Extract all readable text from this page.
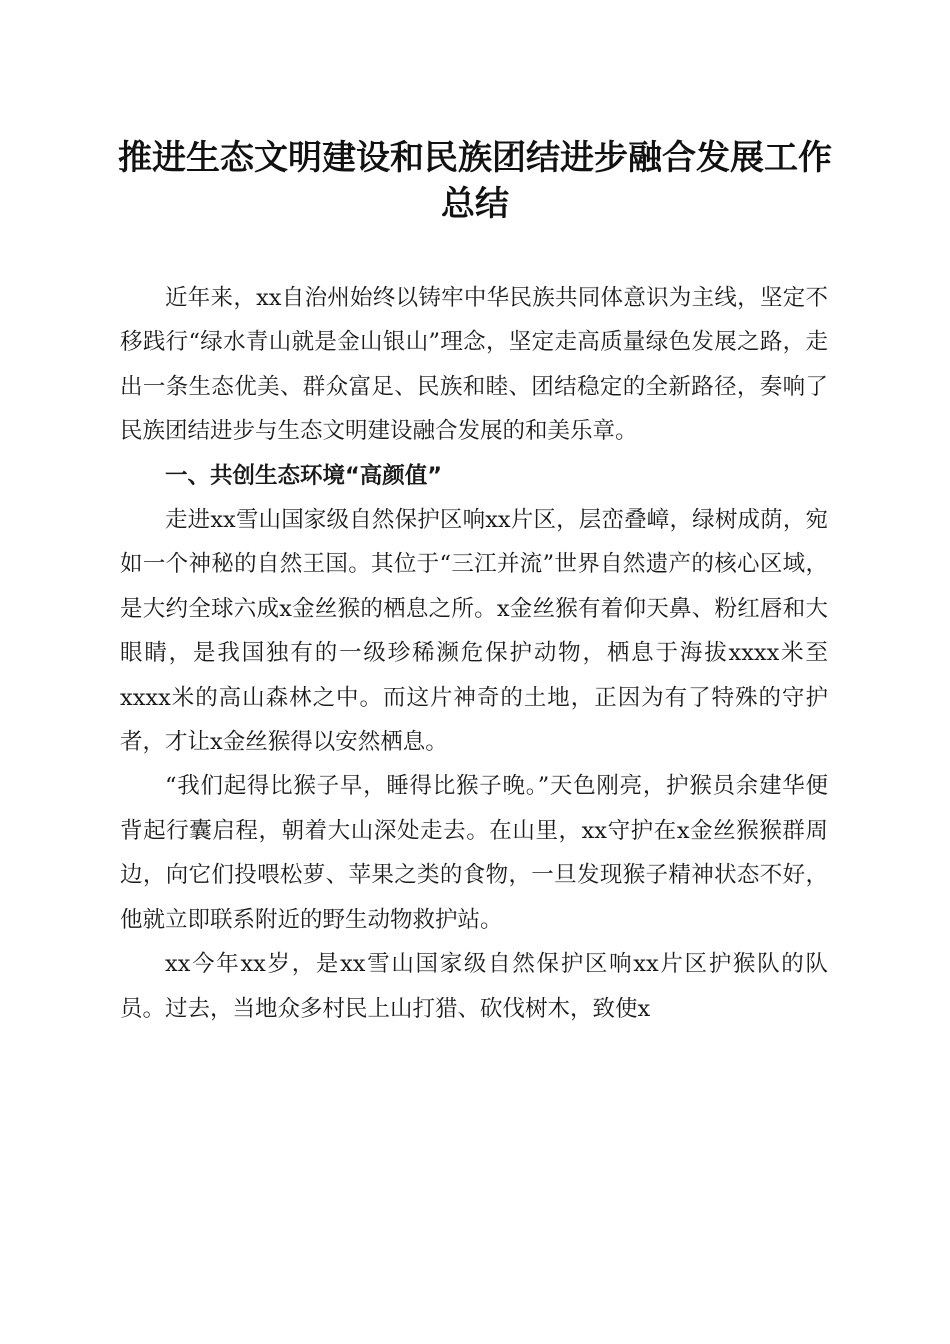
推进生态文明建设和民族团结进步融合发展工作总结

近年来，xx自治州始终以铸牢中华民族共同体意识为主线，坚定不移践行“绿水青山就是金山银山”理念，坚定走高质量绿色发展之路，走出一条生态优美、群众富足、民族和睦、团结稳定的全新路径，奏响了民族团结进步与生态文明建设融合发展的和美乐章。

一、共创生态环境“高颜值”

走进xx雪山国家级自然保护区响xx片区，层峦叠嶂，绿树成荫，宛如一个神秘的自然王国。其位于“三江并流”世界自然遗产的核心区域，是大约全球六成x金丝猴的栖息之所。x金丝猴有着仰天鼻、粉红唇和大眼睛，是我国独有的一级珍稀濒危保护动物，栖息于海拔xxxx米至xxxx米的高山森林之中。而这片神奇的土地，正因为有了特殊的守护者，才让x金丝猴得以安然栖息。

“我们起得比猴子早，睡得比猴子晚。”天色刚亮，护猴员余建华便背起行囊启程，朝着大山深处走去。在山里，xx守护在x金丝猴猴群周边，向它们投喂松萝、苹果之类的食物，一旦发现猴子精神状态不好，他就立即联系附近的野生动物救护站。

xx今年xx岁，是xx雪山国家级自然保护区响xx片区护猴队的队员。过去，当地众多村民上山打猎、砍伐树木，致使x
